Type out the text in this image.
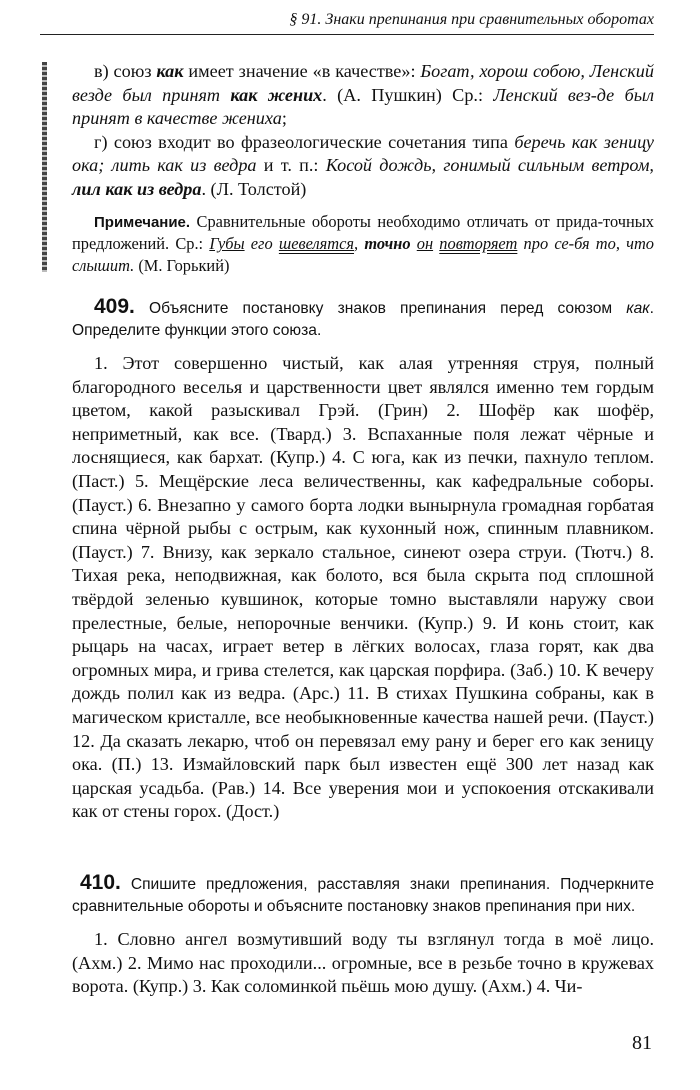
§ 91. Знаки препинания при сравнительных оборотах

в) союз как имеет значение «в качестве»: Богат, хорош собою, Ленский везде был принят как жених. (А. Пушкин) Ср.: Ленский вез-де был принят в качестве жениха;

г) союз входит во фразеологические сочетания типа беречь как зеницу ока; лить как из ведра и т. п.: Косой дождь, гонимый сильным ветром, лил как из ведра. (Л. Толстой)

Примечание. Сравнительные обороты необходимо отличать от прида-точных предложений. Ср.: Губы его шевелятся, точно он повторяет про се-бя то, что слышит. (М. Горький)

409. Объясните постановку знаков препинания перед союзом как. Определите функции этого союза.

1. Этот совершенно чистый, как алая утренняя струя, полный благородного веселья и царственности цвет являлся именно тем гордым цветом, какой разыскивал Грэй. (Грин) 2. Шофёр как шофёр, неприметный, как все. (Твард.) 3. Вспаханные поля лежат чёрные и лоснящиеся, как бархат. (Купр.) 4. С юга, как из печки, пахнуло теплом. (Паст.) 5. Мещёрские леса величественны, как кафедральные соборы. (Пауст.) 6. Внезапно у самого борта лодки вынырнула громадная горбатая спина чёрной рыбы с острым, как кухонный нож, спинным плавником. (Пауст.) 7. Внизу, как зеркало стальное, синеют озера струи. (Тютч.) 8. Тихая река, неподвижная, как болото, вся была скрыта под сплошной твёрдой зеленью кувшинок, которые томно выставляли наружу свои прелестные, белые, непорочные венчики. (Купр.) 9. И конь стоит, как рыцарь на часах, играет ветер в лёгких волосах, глаза горят, как два огромных мира, и грива стелется, как царская порфира. (Заб.) 10. К вечеру дождь полил как из ведра. (Арс.) 11. В стихах Пушкина собраны, как в магическом кристалле, все необыкновенные качества нашей речи. (Пауст.) 12. Да сказать лекарю, чтоб он перевязал ему рану и берег его как зеницу ока. (П.) 13. Измайловский парк был известен ещё 300 лет назад как царская усадьба. (Рав.) 14. Все уверения мои и успокоения отскакивали как от стены горох. (Дост.)

410. Спишите предложения, расставляя знаки препинания. Подчеркните сравнительные обороты и объясните постановку знаков препинания при них.

1. Словно ангел возмутивший воду ты взглянул тогда в моё лицо. (Ахм.) 2. Мимо нас проходили... огромные, все в резьбе точно в кружевах ворота. (Купр.) 3. Как соломинкой пьёшь мою душу. (Ахм.) 4. Чи-

81
